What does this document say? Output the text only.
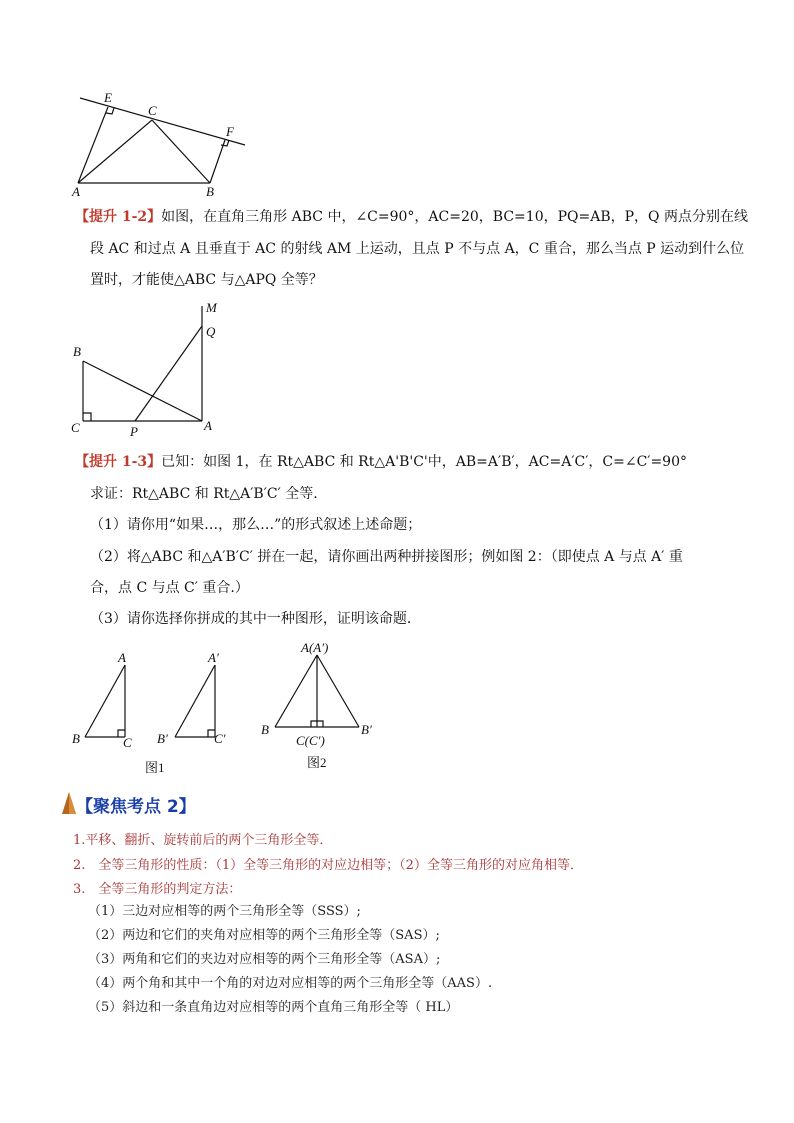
E
C
F
A	B
【提升 1-2】如图，在直角三角形 ABC 中，∠C=90°，AC=20，BC=10，PQ=AB，P，Q 两点分别在线
段 AC 和过点 A 且垂直于 AC 的射线 AM 上运动，且点 P 不与点 A，C 重合，那么当点 P 运动到什么位
置时，才能使△ABC 与△APQ 全等？
M
Q
B
C	P	A
【提升 1-3】已知：如图 1，在 Rt△ABC 和 Rt△A'B'C'中，AB=A′B′，AC=A′C′，C=∠C′=90°
求证：Rt△ABC 和 Rt△A′B′C′ 全等.
（1）请你用“如果…，那么…”的形式叙述上述命题；
（2）将△ABC 和△A′B′C′ 拼在一起，请你画出两种拼接图形；例如图 2：（即使点 A 与点 A′ 重
合，点 C 与点 C′ 重合.）
（3）请你选择你拼成的其中一种图形，证明该命题．
A
B	C
A′
B′	C′
A(A′)
B	B′
C(C′)
图1	图2
【聚焦考点 2】
1.平移、翻折、旋转前后的两个三角形全等．
2.　全等三角形的性质：（1）全等三角形的对应边相等；（2）全等三角形的对应角相等．
3.　全等三角形的判定方法：
（1）三边对应相等的两个三角形全等（SSS）;
（2）两边和它们的夹角对应相等的两个三角形全等（SAS）;
（3）两角和它们的夹边对应相等的两个三角形全等（ASA）;
（4）两个角和其中一个角的对边对应相等的两个三角形全等（AAS）.
（5）斜边和一条直角边对应相等的两个直角三角形全等（ HL）
